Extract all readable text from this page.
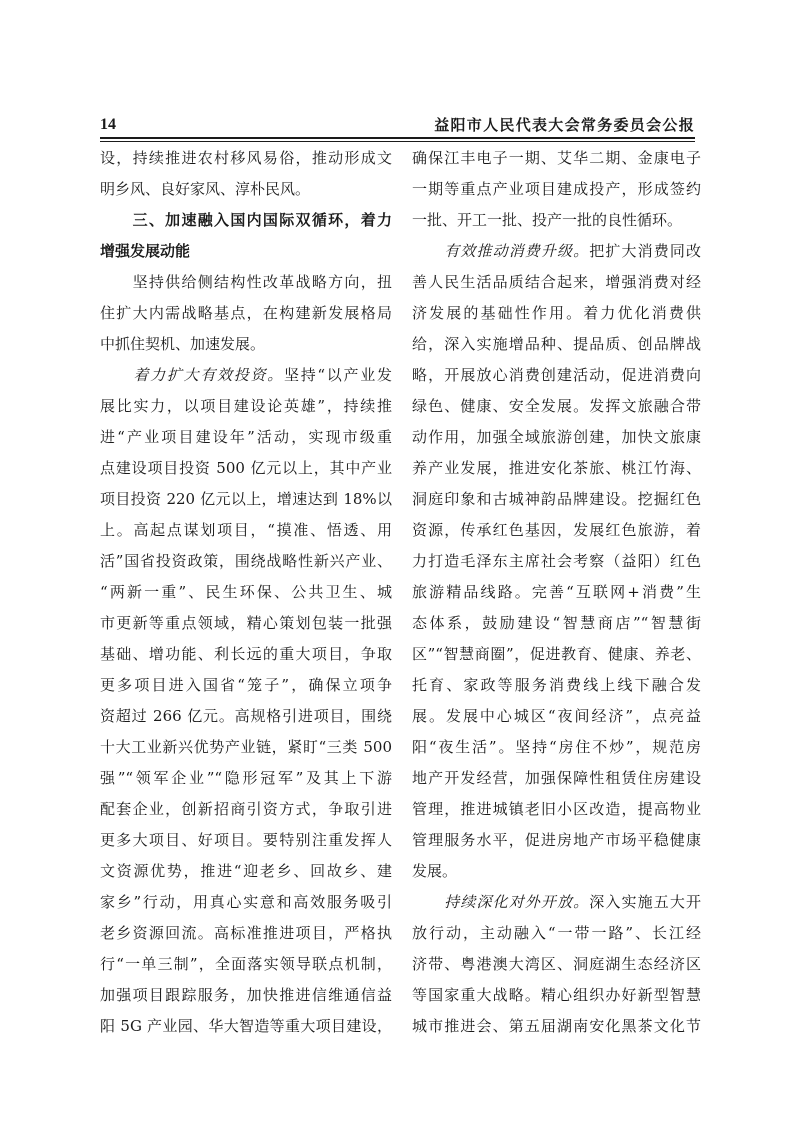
14	益阳市人民代表大会常务委员会公报
设，持续推进农村移风易俗，推动形成文
明乡风、良好家风、淳朴民风。
　　三、加速融入国内国际双循环，着力
增强发展动能
　　坚持供给侧结构性改革战略方向，扭
住扩大内需战略基点，在构建新发展格局
中抓住契机、加速发展。
　　着力扩大有效投资。坚持“以产业发
展比实力，以项目建设论英雄”，持续推
进“产业项目建设年”活动，实现市级重
点建设项目投资 500 亿元以上，其中产业
项目投资 220 亿元以上，增速达到 18%以
上。高起点谋划项目，“摸准、悟透、用
活”国省投资政策，围绕战略性新兴产业、
“两新一重”、民生环保、公共卫生、城
市更新等重点领域，精心策划包装一批强
基础、增功能、利长远的重大项目，争取
更多项目进入国省“笼子”，确保立项争
资超过 266 亿元。高规格引进项目，围绕
十大工业新兴优势产业链，紧盯“三类 500
强”“领军企业”“隐形冠军”及其上下游
配套企业，创新招商引资方式，争取引进
更多大项目、好项目。要特别注重发挥人
文资源优势，推进“迎老乡、回故乡、建
家乡”行动，用真心实意和高效服务吸引
老乡资源回流。高标准推进项目，严格执
行“一单三制”，全面落实领导联点机制，
加强项目跟踪服务，加快推进信维通信益
阳 5G 产业园、华大智造等重大项目建设，
确保江丰电子一期、艾华二期、金康电子
一期等重点产业项目建成投产，形成签约
一批、开工一批、投产一批的良性循环。
　　有效推动消费升级。把扩大消费同改
善人民生活品质结合起来，增强消费对经
济发展的基础性作用。着力优化消费供
给，深入实施增品种、提品质、创品牌战
略，开展放心消费创建活动，促进消费向
绿色、健康、安全发展。发挥文旅融合带
动作用，加强全域旅游创建，加快文旅康
养产业发展，推进安化茶旅、桃江竹海、
洞庭印象和古城神韵品牌建设。挖掘红色
资源，传承红色基因，发展红色旅游，着
力打造毛泽东主席社会考察（益阳）红色
旅游精品线路。完善“互联网+消费”生
态体系，鼓励建设“智慧商店”“智慧街
区”“智慧商圈”，促进教育、健康、养老、
托育、家政等服务消费线上线下融合发
展。发展中心城区“夜间经济”，点亮益
阳“夜生活”。坚持“房住不炒”，规范房
地产开发经营，加强保障性租赁住房建设
管理，推进城镇老旧小区改造，提高物业
管理服务水平，促进房地产市场平稳健康
发展。
　　持续深化对外开放。深入实施五大开
放行动，主动融入“一带一路”、长江经
济带、粤港澳大湾区、洞庭湖生态经济区
等国家重大战略。精心组织办好新型智慧
城市推进会、第五届湖南安化黑茶文化节
